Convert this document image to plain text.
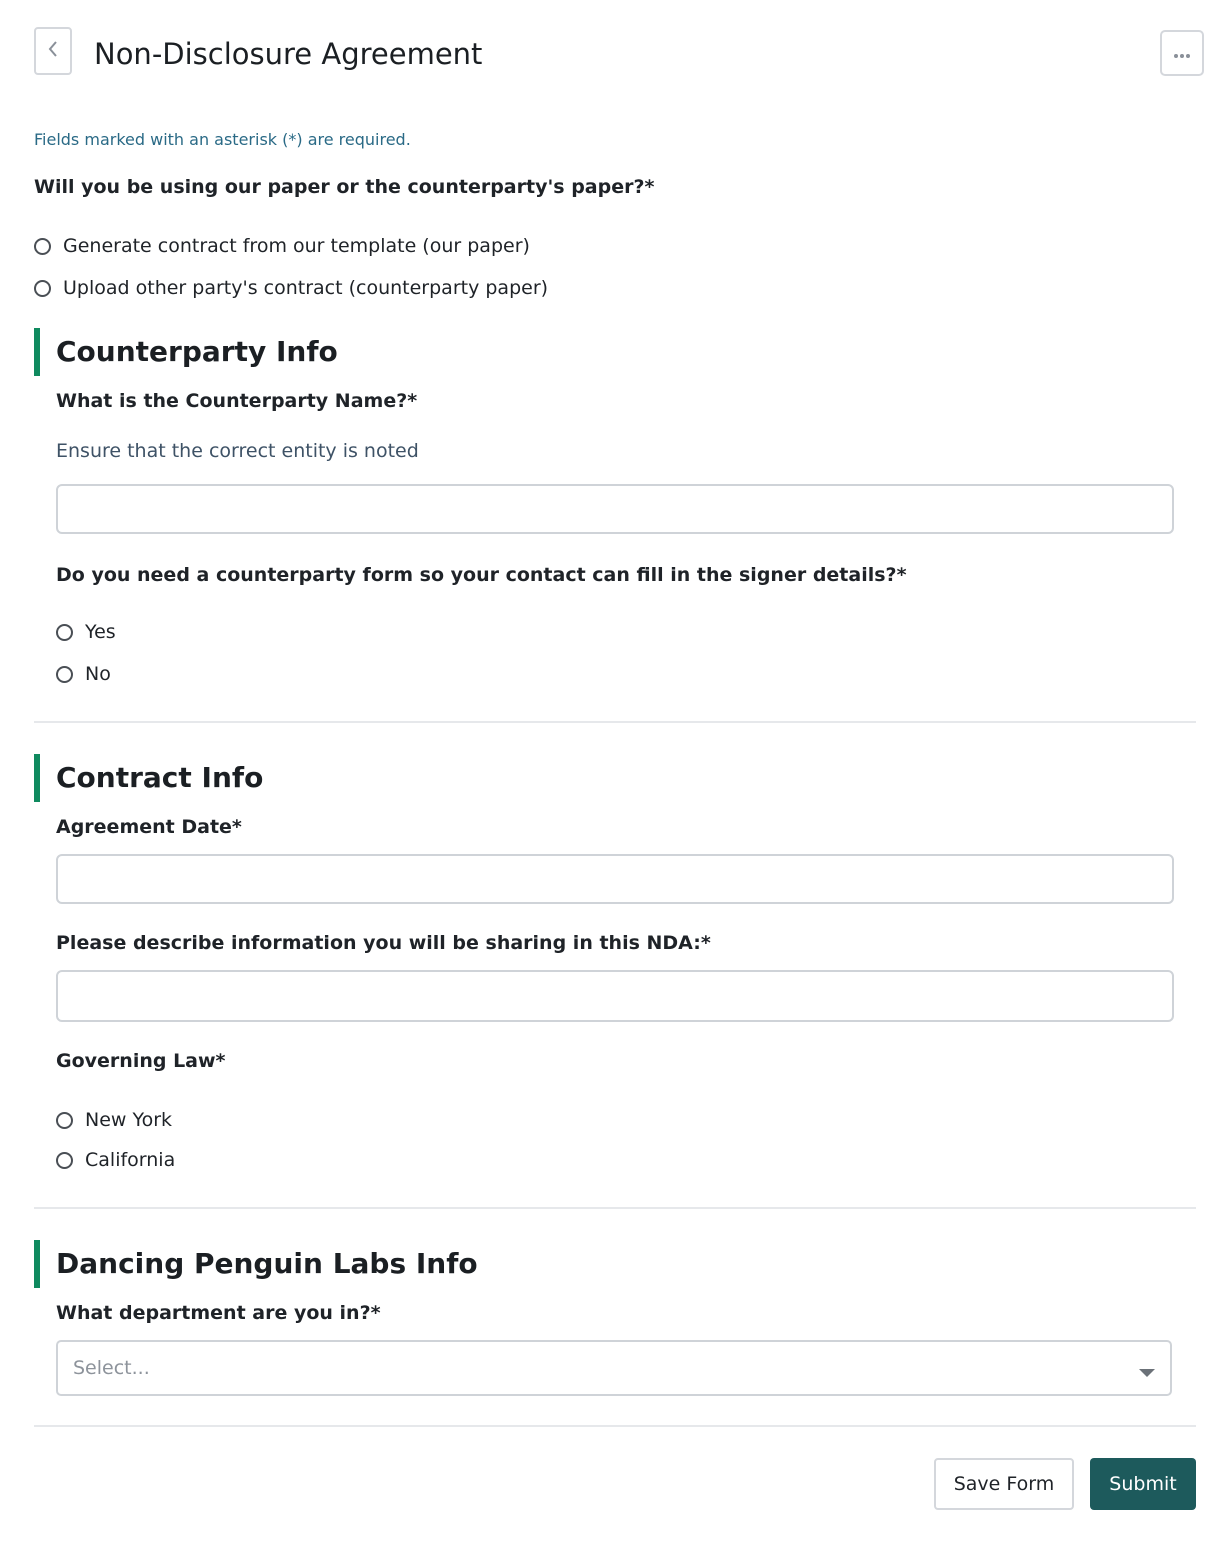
Non-Disclosure Agreement
Fields marked with an asterisk (*) are required.
Will you be using our paper or the counterparty's paper?*
Generate contract from our template (our paper)
Upload other party's contract (counterparty paper)
Counterparty Info
What is the Counterparty Name?*
Ensure that the correct entity is noted
Do you need a counterparty form so your contact can fill in the signer details?*
Yes
No
Contract Info
Agreement Date*
Please describe information you will be sharing in this NDA:*
Governing Law*
New York
California
Dancing Penguin Labs Info
What department are you in?*
Select...
Save Form	Submit
